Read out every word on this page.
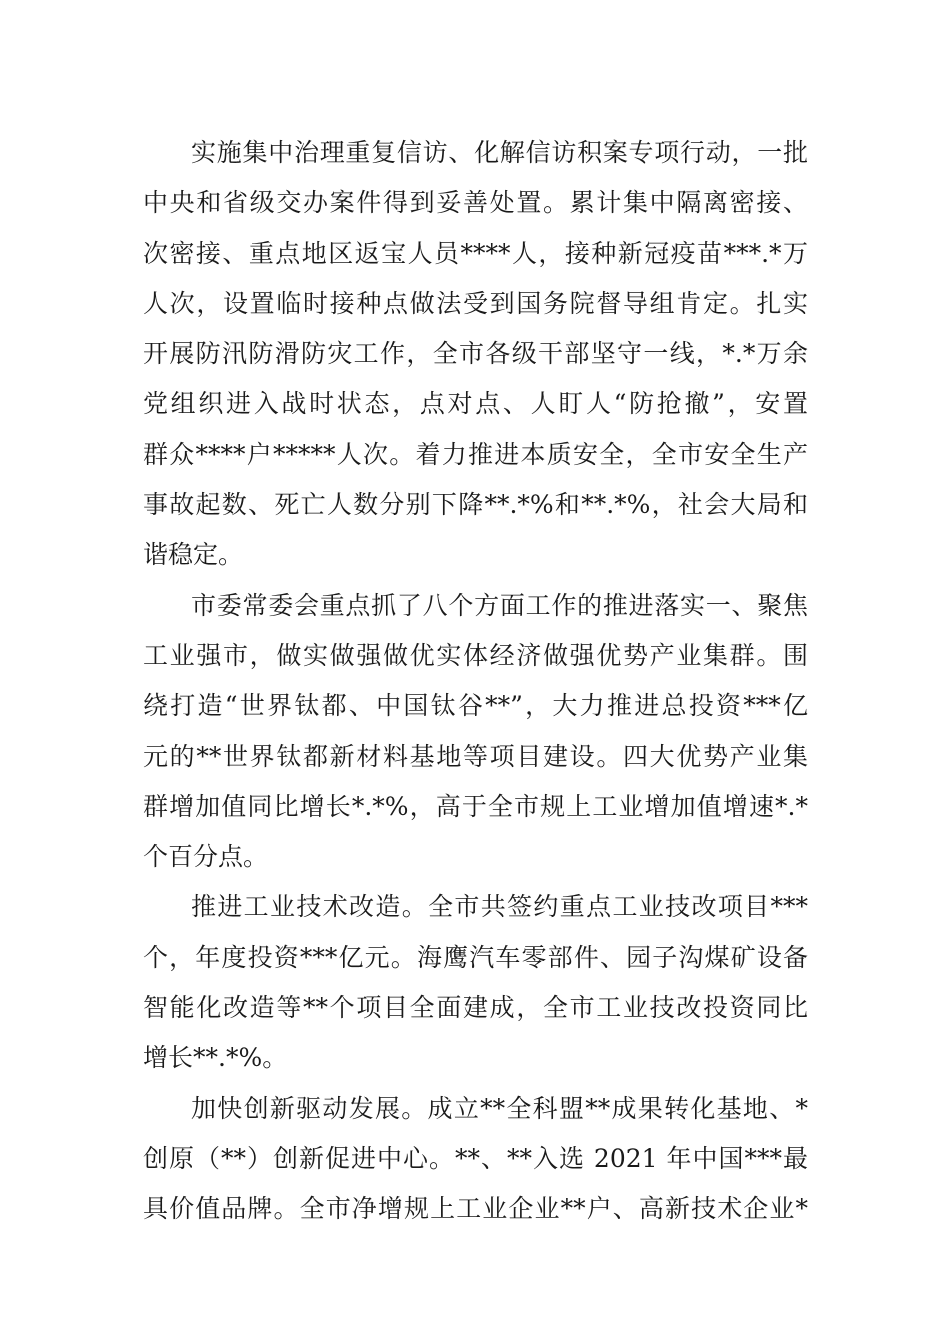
实施集中治理重复信访、化解信访积案专项行动，一批
中央和省级交办案件得到妥善处置。累计集中隔离密接、
次密接、重点地区返宝人员****人，接种新冠疫苗***.*万
人次，设置临时接种点做法受到国务院督导组肯定。扎实
开展防汛防滑防灾工作，全市各级干部坚守一线，*.*万余
党组织进入战时状态，点对点、人盯人“防抢撤”，安置
群众****户*****人次。着力推进本质安全，全市安全生产
事故起数、死亡人数分别下降**.*%和**.*%，社会大局和
谐稳定。
市委常委会重点抓了八个方面工作的推进落实一、聚焦
工业强市，做实做强做优实体经济做强优势产业集群。围
绕打造“世界钛都、中国钛谷**”，大力推进总投资***亿
元的**世界钛都新材料基地等项目建设。四大优势产业集
群增加值同比增长*.*%，高于全市规上工业增加值增速*.*
个百分点。
推进工业技术改造。全市共签约重点工业技改项目***
个，年度投资***亿元。海鹰汽车零部件、园子沟煤矿设备
智能化改造等**个项目全面建成，全市工业技改投资同比
增长**.*%。
加快创新驱动发展。成立**全科盟**成果转化基地、*
创原（**）创新促进中心。**、**入选 2021 年中国***最
具价值品牌。全市净增规上工业企业**户、高新技术企业*
